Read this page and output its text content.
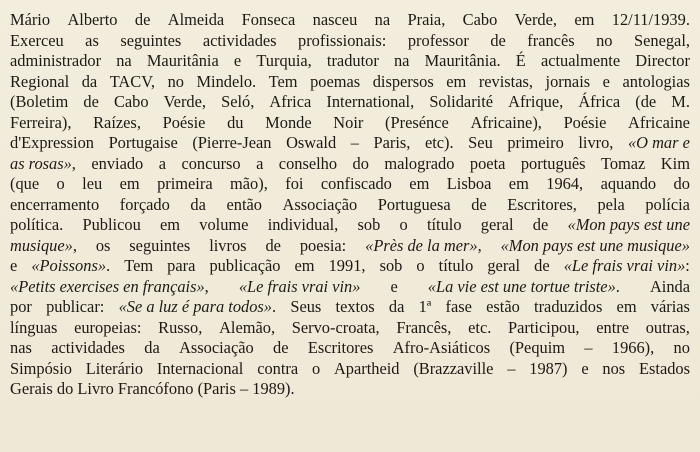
Mário Alberto de Almeida Fonseca nasceu na Praia, Cabo Verde, em 12/11/1939.
Exerceu as seguintes actividades profissionais: professor de francês no Senegal,
administrador na Mauritânia e Turquia, tradutor na Mauritânia. É actualmente Director
Regional da TACV, no Mindelo. Tem poemas dispersos em revistas, jornais e antologias
(Boletim de Cabo Verde, Seló, Africa International, Solidarité Afrique, África (de M.
Ferreira), Raízes, Poésie du Monde Noir (Presénce Africaine), Poésie Africaine
d'Expression Portugaise (Pierre-Jean Oswald – Paris, etc). Seu primeiro livro, «O mar e
as rosas», enviado a concurso a conselho do malogrado poeta português Tomaz Kim
(que o leu em primeira mão), foi confiscado em Lisboa em 1964, aquando do
encerramento forçado da então Associação Portuguesa de Escritores, pela polícia
política. Publicou em volume individual, sob o título geral de «Mon pays est une
musique», os seguintes livros de poesia: «Près de la mer», «Mon pays est une musique»
e «Poissons». Tem para publicação em 1991, sob o título geral de «Le frais vrai vin»:
«Petits exercises en français», «Le frais vrai vin» e «La vie est une tortue triste». Ainda
por publicar: «Se a luz é para todos». Seus textos da 1ª fase estão traduzidos em várias
línguas europeias: Russo, Alemão, Servo-croata, Francês, etc. Participou, entre outras,
nas actividades da Associação de Escritores Afro-Asiáticos (Pequim – 1966), no
Simpósio Literário Internacional contra o Apartheid (Brazzaville – 1987) e nos Estados
Gerais
do
Livro
Francófono
(Paris
–
1989).
